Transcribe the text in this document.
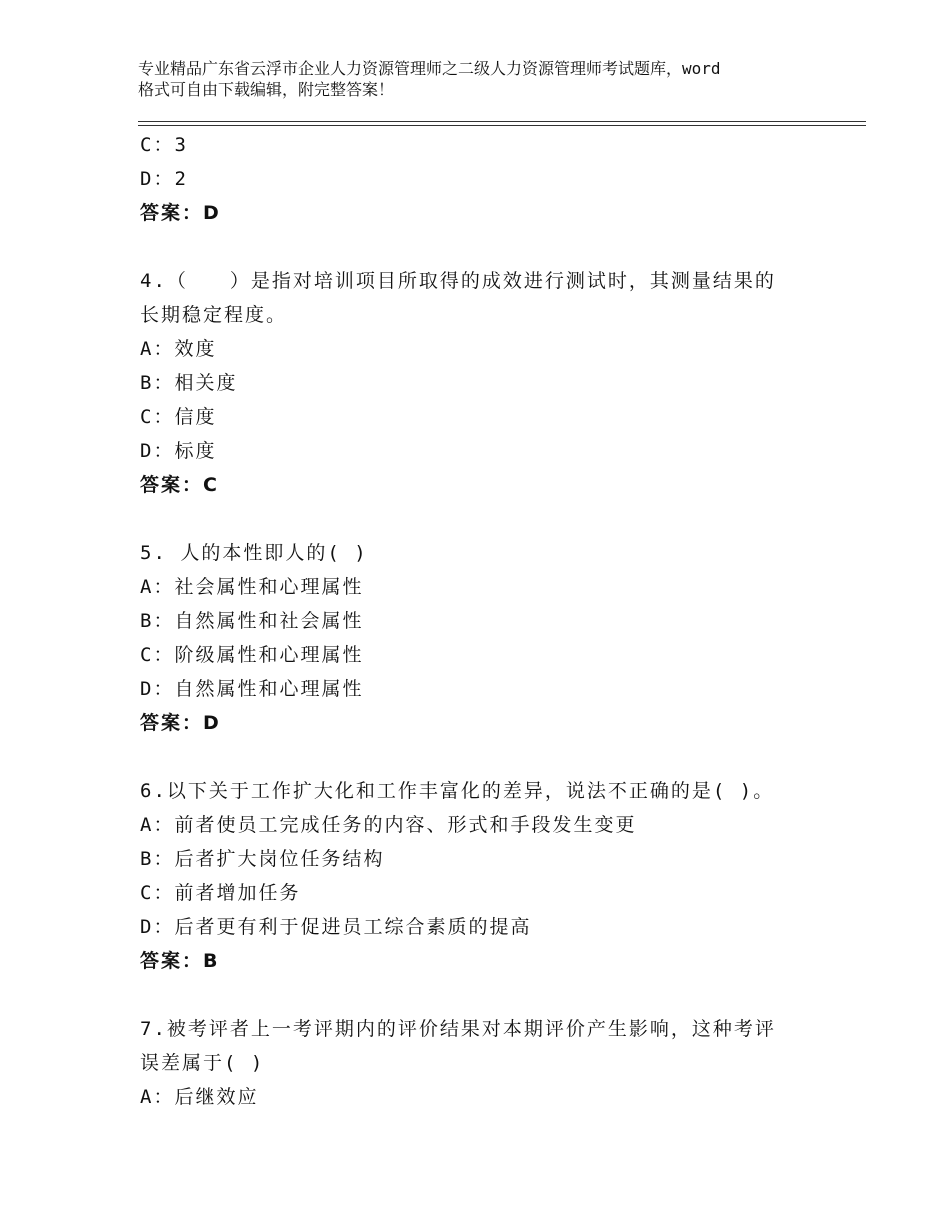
专业精品广东省云浮市企业人力资源管理师之二级人力资源管理师考试题库，word
格式可自由下载编辑，附完整答案！
C：3
D：2
答案：D
4.（　　）是指对培训项目所取得的成效进行测试时，其测量结果的
长期稳定程度。
A：效度
B：相关度
C：信度
D：标度
答案：C
5. 人的本性即人的( )
A：社会属性和心理属性
B：自然属性和社会属性
C：阶级属性和心理属性
D：自然属性和心理属性
答案：D
6.以下关于工作扩大化和工作丰富化的差异，说法不正确的是( )。
A：前者使员工完成任务的内容、形式和手段发生变更
B：后者扩大岗位任务结构
C：前者增加任务
D：后者更有利于促进员工综合素质的提高
答案：B
7.被考评者上一考评期内的评价结果对本期评价产生影响，这种考评
误差属于( )
A：后继效应
